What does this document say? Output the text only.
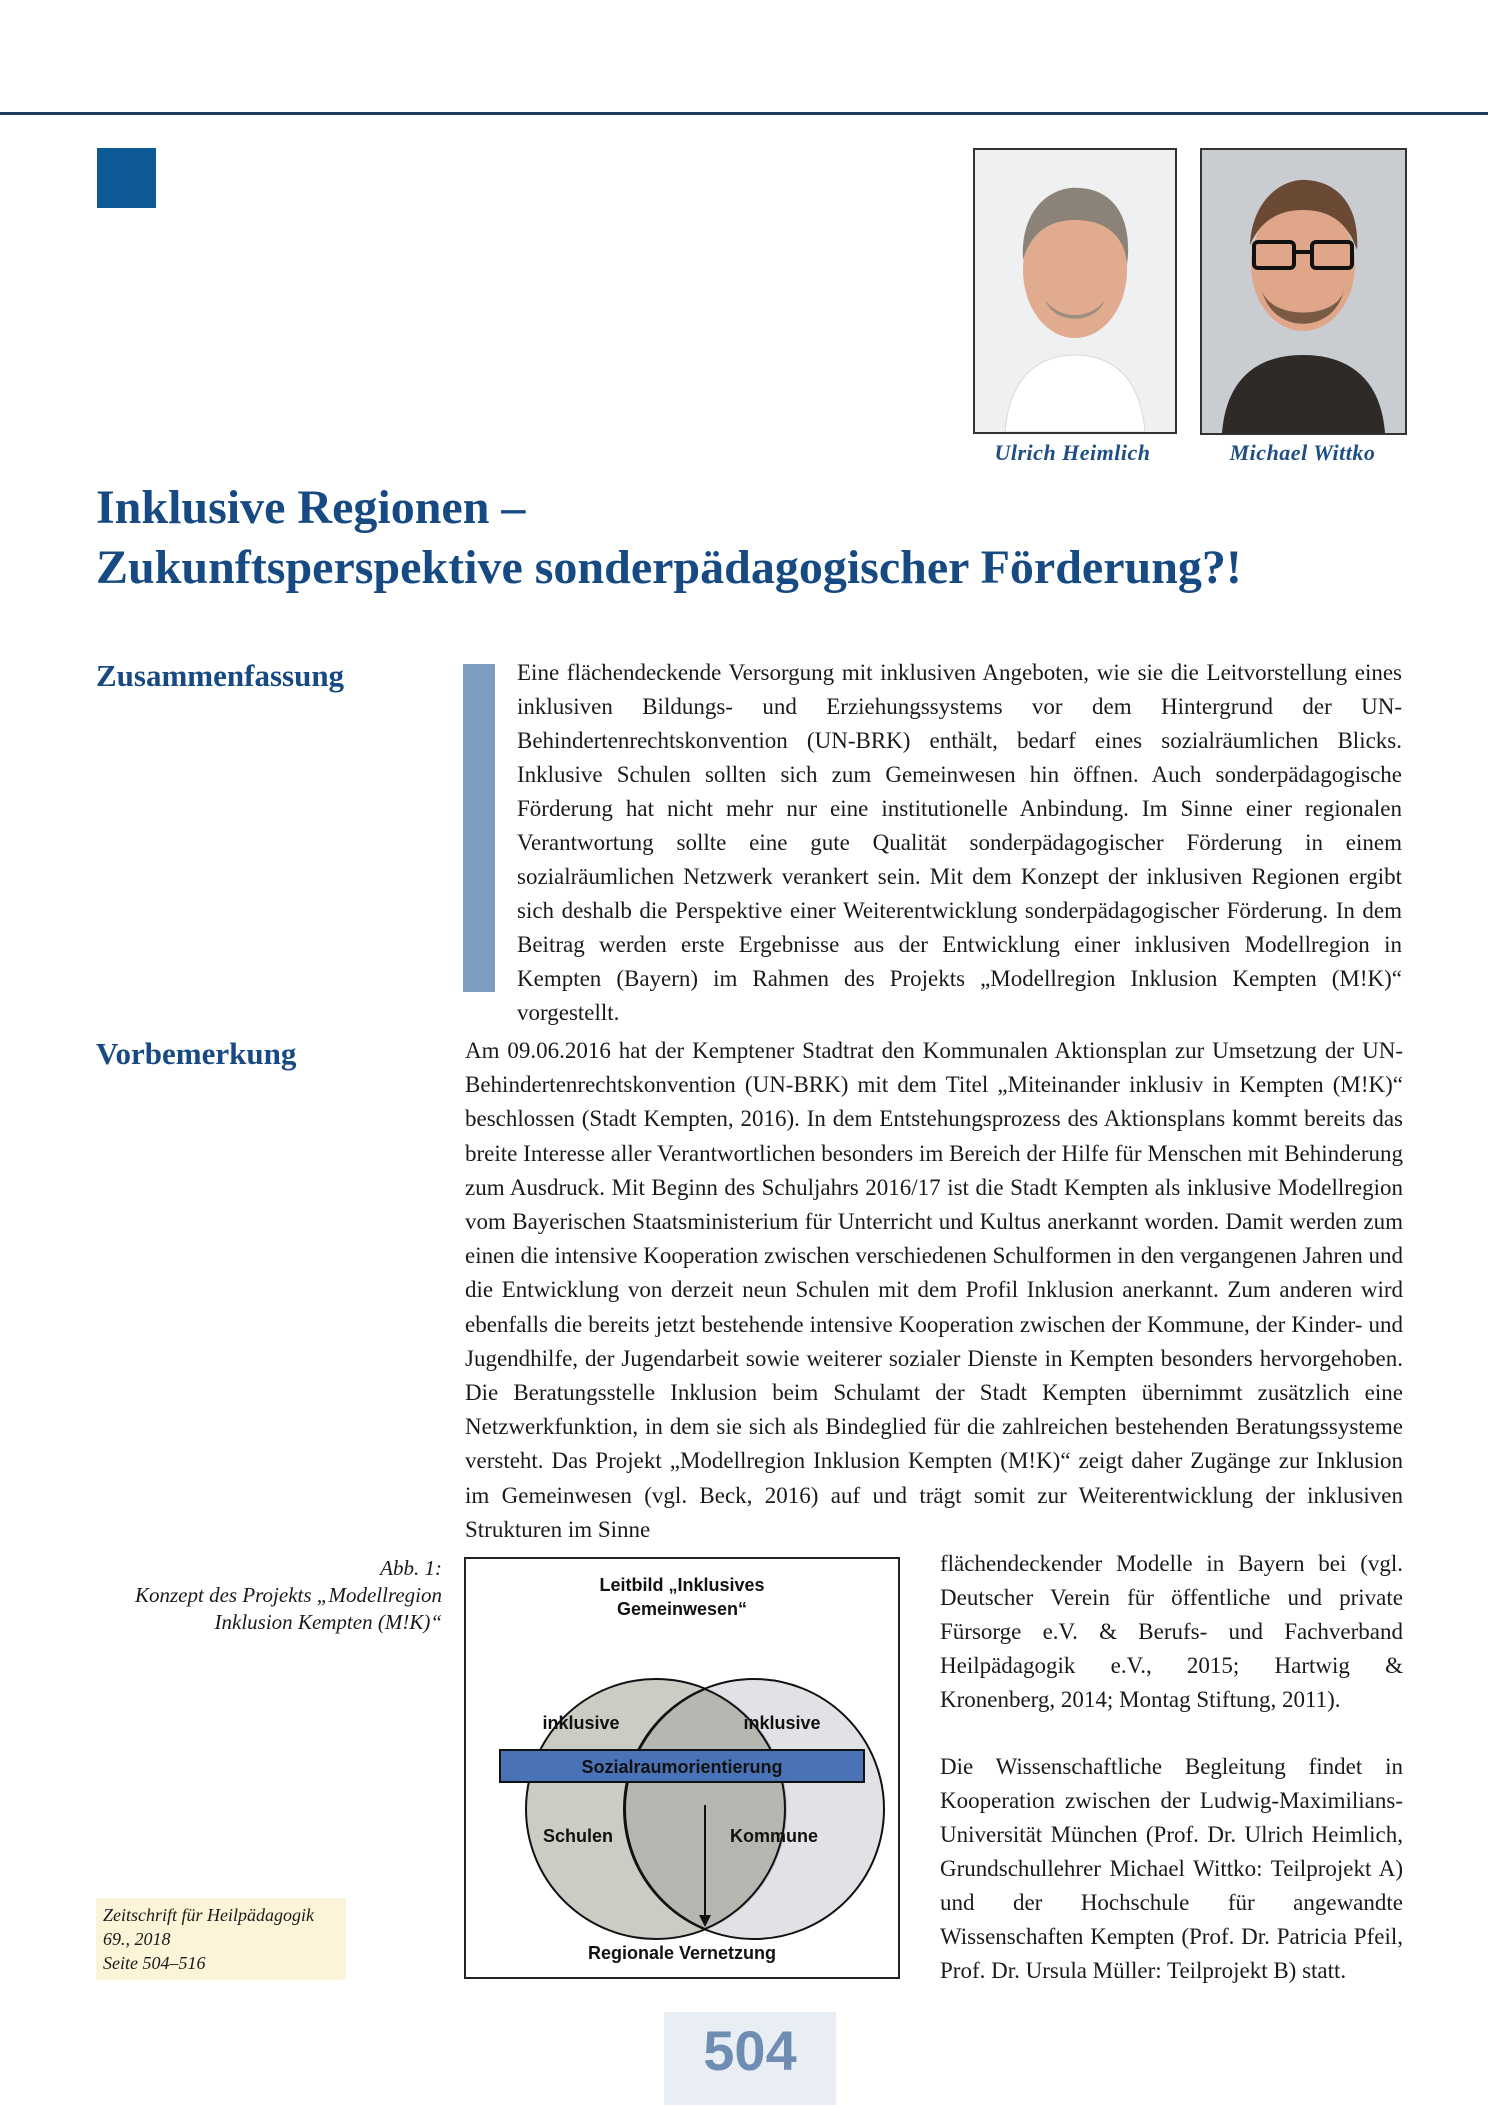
Ulrich Heimlich	Michael Wittko
Inklusive Regionen –
Zukunftsperspektive sonderpädagogischer Förderung?!
Zusammenfassung	Eine flächendeckende Versorgung mit inklusiven Angeboten, wie sie die Leitvorstellung eines inklusiven Bildungs- und Erziehungssystems vor dem Hintergrund der UN-Behindertenrechtskonvention (UN-BRK) enthält, bedarf eines sozialräumlichen Blicks. Inklusive Schulen sollten sich zum Gemeinwesen hin öffnen. Auch sonderpädagogische Förderung hat nicht mehr nur eine institutionelle Anbindung. Im Sinne einer regionalen Verantwortung sollte eine gute Qualität sonderpädagogischer Förderung in einem sozialräumlichen Netzwerk verankert sein. Mit dem Konzept der inklusiven Regionen ergibt sich deshalb die Perspektive einer Weiterentwicklung sonderpädagogischer Förderung. In dem Beitrag werden erste Ergebnisse aus der Entwicklung einer inklusiven Modellregion in Kempten (Bayern) im Rahmen des Projekts „Modellregion Inklusion Kempten (M!K)“ vorgestellt.

Vorbemerkung	Am 09.06.2016 hat der Kemptener Stadtrat den Kommunalen Aktionsplan zur Umsetzung der UN-Behindertenrechtskonvention (UN-BRK) mit dem Titel „Miteinander inklusiv in Kempten (M!K)“ beschlossen (Stadt Kempten, 2016). In dem Entstehungsprozess des Aktionsplans kommt bereits das breite Interesse aller Verantwortlichen besonders im Bereich der Hilfe für Menschen mit Behinderung zum Ausdruck. Mit Beginn des Schuljahrs 2016/17 ist die Stadt Kempten als inklusive Modellregion vom Bayerischen Staatsministerium für Unterricht und Kultus anerkannt worden. Damit werden zum einen die intensive Kooperation zwischen verschiedenen Schulformen in den vergangenen Jahren und die Entwicklung von derzeit neun Schulen mit dem Profil Inklusion anerkannt. Zum anderen wird ebenfalls die bereits jetzt bestehende intensive Kooperation zwischen der Kommune, der Kinder- und Jugendhilfe, der Jugendarbeit sowie weiterer sozialer Dienste in Kempten besonders hervorgehoben. Die Beratungsstelle Inklusion beim Schulamt der Stadt Kempten übernimmt zusätzlich eine Netzwerkfunktion, in dem sie sich als Bindeglied für die zahlreichen bestehenden Beratungssysteme versteht. Das Projekt „Modellregion Inklusion Kempten (M!K)“ zeigt daher Zugänge zur Inklusion im Gemeinwesen (vgl. Beck, 2016) auf und trägt somit zur Weiterentwicklung der inklusiven Strukturen im Sinne

flächendeckender Modelle in Bayern bei (vgl. Deutscher Verein für öffentliche und private Fürsorge e.V. & Berufs- und Fachverband Heilpädagogik e.V., 2015; Hartwig & Kronenberg, 2014; Montag Stiftung, 2011).

Die Wissenschaftliche Begleitung findet in Kooperation zwischen der Ludwig-Maximilians-Universität München (Prof. Dr. Ulrich Heimlich, Grundschullehrer Michael Wittko: Teilprojekt A) und der Hochschule für angewandte Wissenschaften Kempten (Prof. Dr. Patricia Pfeil, Prof. Dr. Ursula Müller: Teilprojekt B) statt.

Abb. 1:
Konzept des Projekts „Modellregion
Inklusion Kempten (M!K)“

Leitbild „Inklusives
Gemeinwesen“
inklusive	inklusive
Sozialraumorientierung
Schulen	Kommune
Regionale Vernetzung
Zeitschrift für Heilpädagogik
69., 2018
Seite 504–516
504
